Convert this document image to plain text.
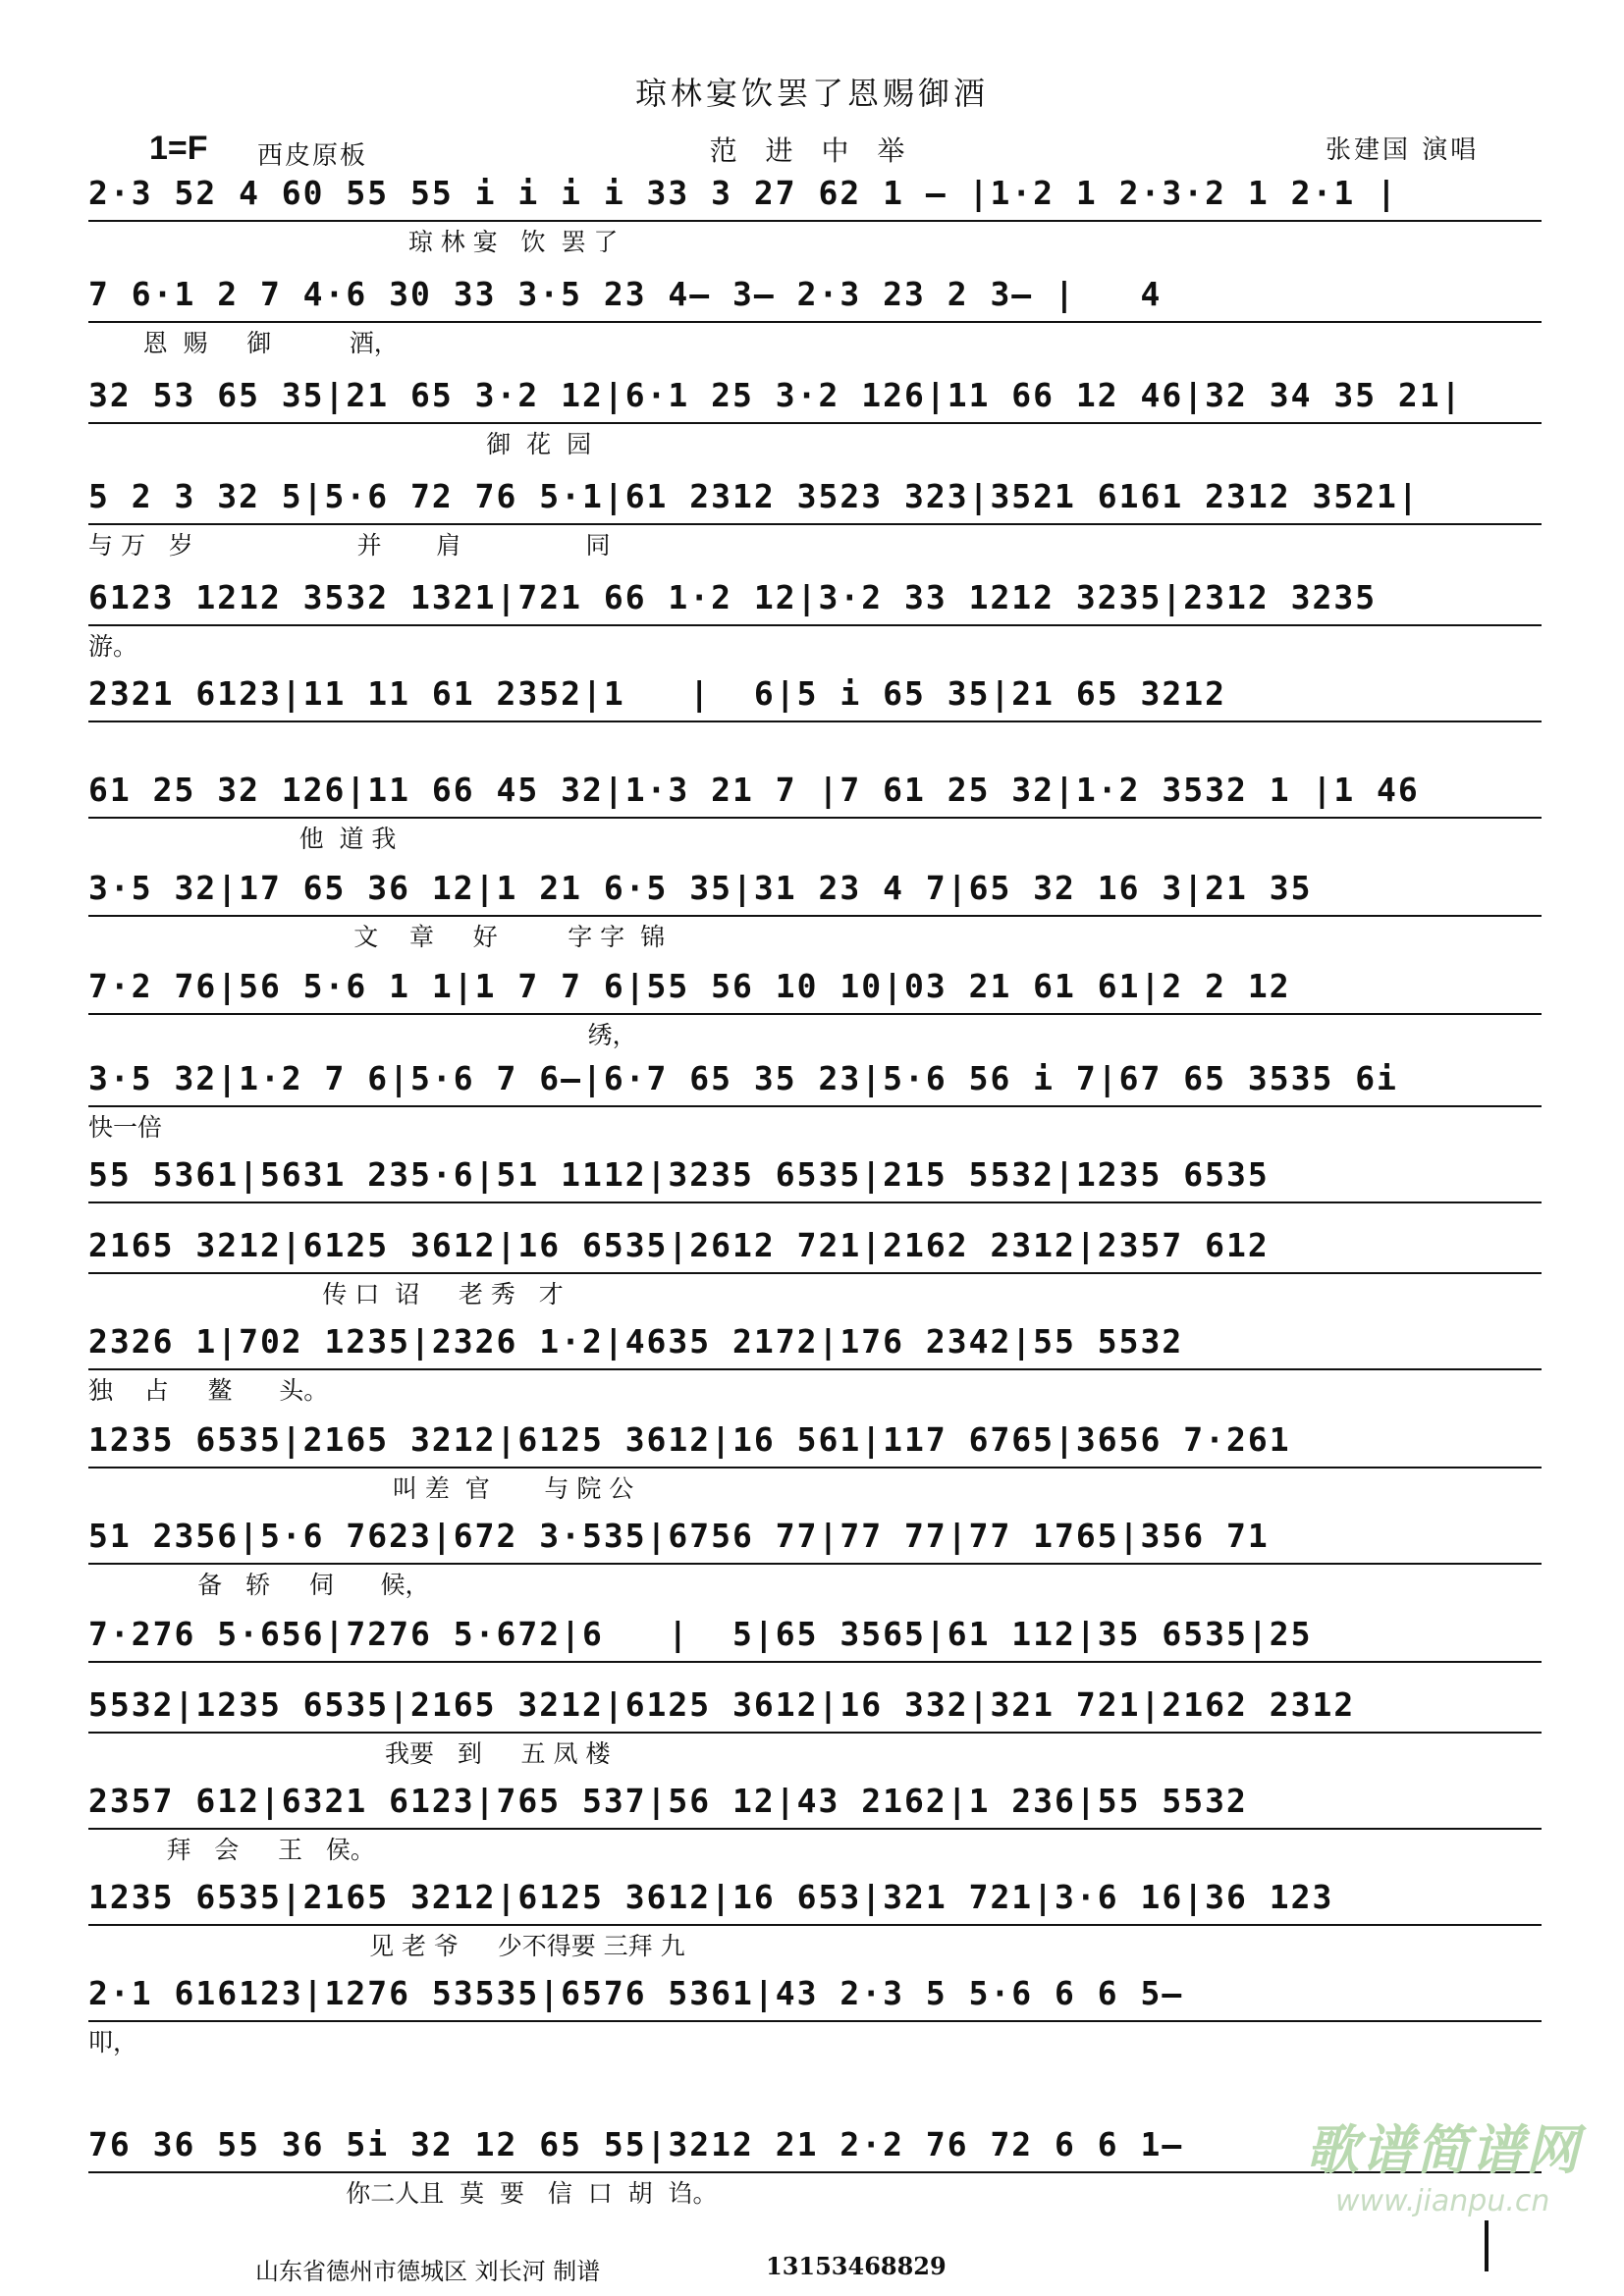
琼林宴饮罢了恩赐御酒
1=F 西皮原板	范 进 中 举	张建国 演唱
2·3 52 4 60 55 55 i i i i 33 3 27 62 1 – |1·2 1 2·3·2 1 2·1 |
琼 林 宴   饮  罢 了
7 6·1 2 7 4·6 30 33 3·5 23 4– 3– 2·3 23 2 3– |   4
恩  赐     御          酒，
32 53 65 35|21 65 3·2 12|6·1 25 3·2 126|11 66 12 46|32 34 35 21|
御  花  园
5 2 3 32 5|5·6 72 76 5·1|61 2312 3523 323|3521 6161 2312 3521|
与 万   岁                     并       肩                同
6123 1212 3532 1321|721 66 1·2 12|3·2 33 1212 3235|2312 3235
游。
2321 6123|11 11 61 2352|1   |  6|5 i 65 35|21 65 3212
61 25 32 126|11 66 45 32|1·3 21 7 |7 61 25 32|1·2 3532 1 |1 46
他  道 我
3·5 32|17 65 36 12|1 21 6·5 35|31 23 4 7|65 32 16 3|21 35
文    章     好         字 字  锦
7·2 76|56 5·6 1 1|1 7 7 6|55 56 10 10|03 21 61 61|2 2 12
绣，
3·5 32|1·2 7 6|5·6 7 6–|6·7 65 35 23|5·6 56 i 7|67 65 3535 6i
快一倍
55 5361|5631 235·6|51 1112|3235 6535|215 5532|1235 6535
2165 3212|6125 3612|16 6535|2612 721|2162 2312|2357 612
传 口  诏     老 秀   才
2326 1|702 1235|2326 1·2|4635 2172|176 2342|55 5532
独    占     鳌      头。
1235 6535|2165 3212|6125 3612|16 561|117 6765|3656 7·261
叫 差  官       与 院 公
51 2356|5·6 7623|672 3·535|6756 77|77 77|77 1765|356 71
备   轿     伺      候，
7·276 5·656|7276 5·672|6   |  5|65 3565|61 112|35 6535|25
5532|1235 6535|2165 3212|6125 3612|16 332|321 721|2162 2312
我要   到     五 凤 楼
2357 612|6321 6123|765 537|56 12|43 2162|1 236|55 5532
拜   会     王   侯。
1235 6535|2165 3212|6125 3612|16 653|321 721|3·6 16|36 123
见 老 爷     少不得要 三拜 九
2·1 616123|1276 53535|6576 5361|43 2·3 5 5·6 6 6 5–
叩，
76 36 55 36 5i 32 12 65 55|3212 21 2·2 76 72 6 6 1–
你二人且  莫  要   信  口  胡  诌。
歌谱简谱网
www.jianpu.cn
山东省德州市德城区 刘长河 制谱	13153468829
